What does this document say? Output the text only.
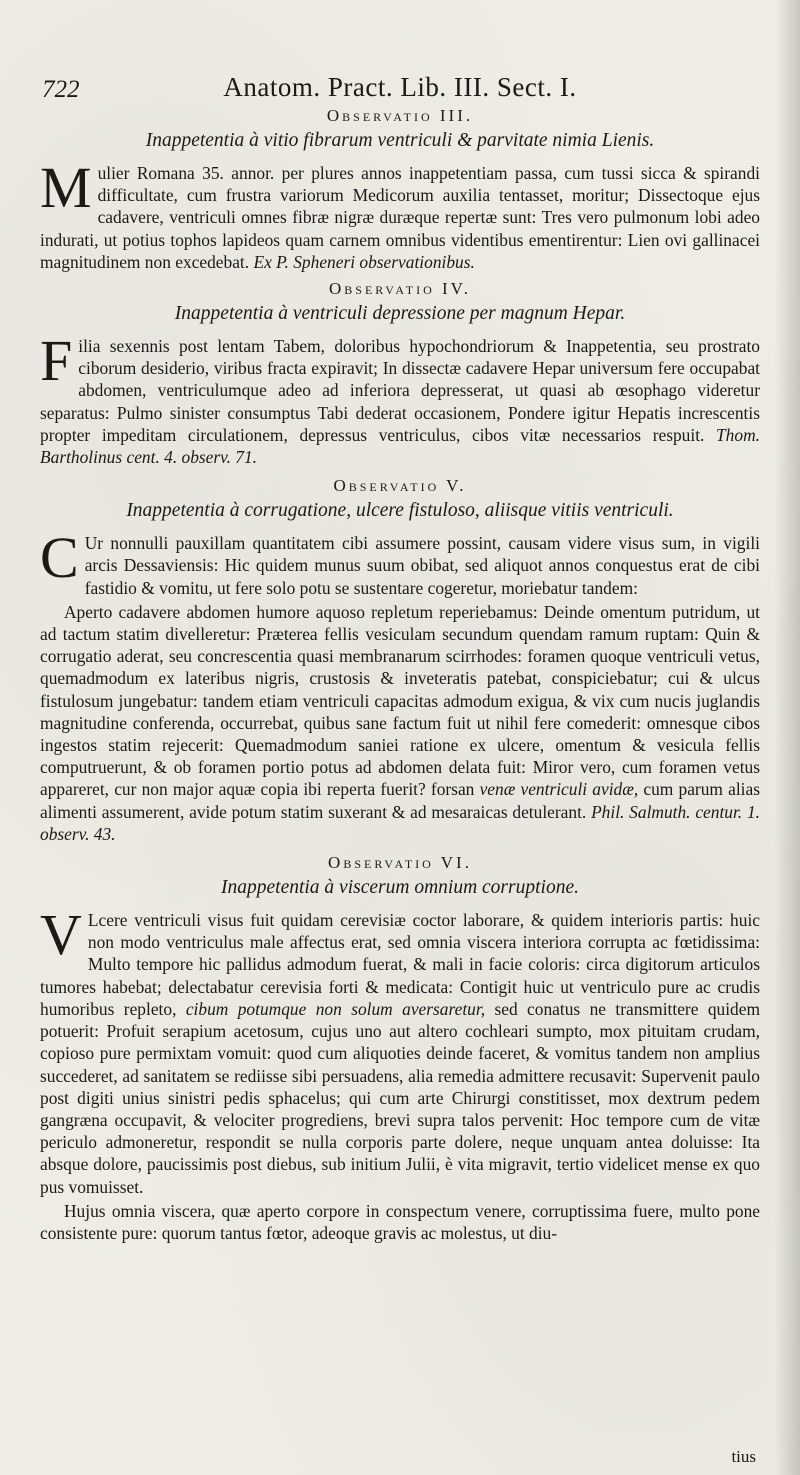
722	Anatom. Pract. Lib. III. Sect. I.
Observatio III.
Inappetentia à vitio fibrarum ventriculi & parvitate nimia Lienis.

Mulier Romana 35. annor. per plures annos inappetentiam passa, cum tussi sicca & spirandi difficultate, cum frustra variorum Medicorum auxilia tentasset, moritur; Dissectoque ejus cadavere, ventriculi omnes fibræ nigræ duræque repertæ sunt: Tres vero pulmonum lobi adeo indurati, ut potius tophos lapideos quam carnem omnibus videntibus ementirentur: Lien ovi gallinacei magnitudinem non excedebat. Ex P. Spheneri observationibus.

Observatio IV.
Inappetentia à ventriculi depressione per magnum Hepar.

Filia sexennis post lentam Tabem, doloribus hypochondriorum & Inappetentia, seu prostrato ciborum desiderio, viribus fracta expiravit; In dissectæ cadavere Hepar universum fere occupabat abdomen, ventriculumque adeo ad inferiora depresserat, ut quasi ab œsophago videretur separatus: Pulmo sinister consumptus Tabi dederat occasionem, Pondere igitur Hepatis increscentis propter impeditam circulationem, depressus ventriculus, cibos vitæ necessarios respuit. Thom. Bartholinus cent. 4. observ. 71.

Observatio V.
Inappetentia à corrugatione, ulcere fistuloso, aliisque vitiis ventriculi.

C Ur nonnulli pauxillam quantitatem cibi assumere possint, causam videre visus sum, in vigili arcis Dessaviensis: Hic quidem munus suum obibat, sed aliquot annos conquestus erat de cibi fastidio & vomitu, ut fere solo potu se sustentare cogeretur, moriebatur tandem:

Aperto cadavere abdomen humore aquoso repletum reperiebamus: Deinde omentum putridum, ut ad tactum statim divelleretur: Præterea fellis vesiculam secundum quendam ramum ruptam: Quin & corrugatio aderat, seu concrescentia quasi membranarum scirrhodes: foramen quoque ventriculi vetus, quemadmodum ex lateribus nigris, crustosis & inveteratis patebat, conspiciebatur; cui & ulcus fistulosum jungebatur: tandem etiam ventriculi capacitas admodum exigua, & vix cum nucis juglandis magnitudine conferenda, occurrebat, quibus sane factum fuit ut nihil fere comederit: omnesque cibos ingestos statim rejecerit: Quemadmodum saniei ratione ex ulcere, omentum & vesicula fellis computruerunt, & ob foramen portio potus ad abdomen delata fuit: Miror vero, cum foramen vetus appareret, cur non major aquæ copia ibi reperta fuerit? forsan venæ ventriculi avidæ, cum parum alias alimenti assumerent, avide potum statim suxerant & ad mesaraicas detulerant. Phil. Salmuth. centur. 1. observ. 43.

Observatio VI.
Inappetentia à viscerum omnium corruptione.

V Lcere ventriculi visus fuit quidam cerevisiæ coctor laborare, & quidem interioris partis: huic non modo ventriculus male affectus erat, sed omnia viscera interiora corrupta ac fœtidissima: Multo tempore hic pallidus admodum fuerat, & mali in facie coloris: circa digitorum articulos tumores habebat; delectabatur cerevisia forti & medicata: Contigit huic ut ventriculo pure ac crudis humoribus repleto, cibum potumque non solum aversaretur, sed conatus ne transmittere quidem potuerit: Profuit serapium acetosum, cujus uno aut altero cochleari sumpto, mox pituitam crudam, copioso pure permixtam vomuit: quod cum aliquoties deinde faceret, & vomitus tandem non amplius succederet, ad sanitatem se rediisse sibi persuadens, alia remedia admittere recusavit: Supervenit paulo post digiti unius sinistri pedis sphacelus; qui cum arte Chirurgi constitisset, mox dextrum pedem gangræna occupavit, & velociter progrediens, brevi supra talos pervenit: Hoc tempore cum de vitæ periculo admoneretur, respondit se nulla corporis parte dolere, neque unquam antea doluisse: Ita absque dolore, paucissimis post diebus, sub initium Julii, è vita migravit, tertio videlicet mense ex quo pus vomuisset.

Hujus omnia viscera, quæ aperto corpore in conspectum venere, corruptissima fuere, multo pone consistente pure: quorum tantus fœtor, adeoque gravis ac molestus, ut diu-

tius
